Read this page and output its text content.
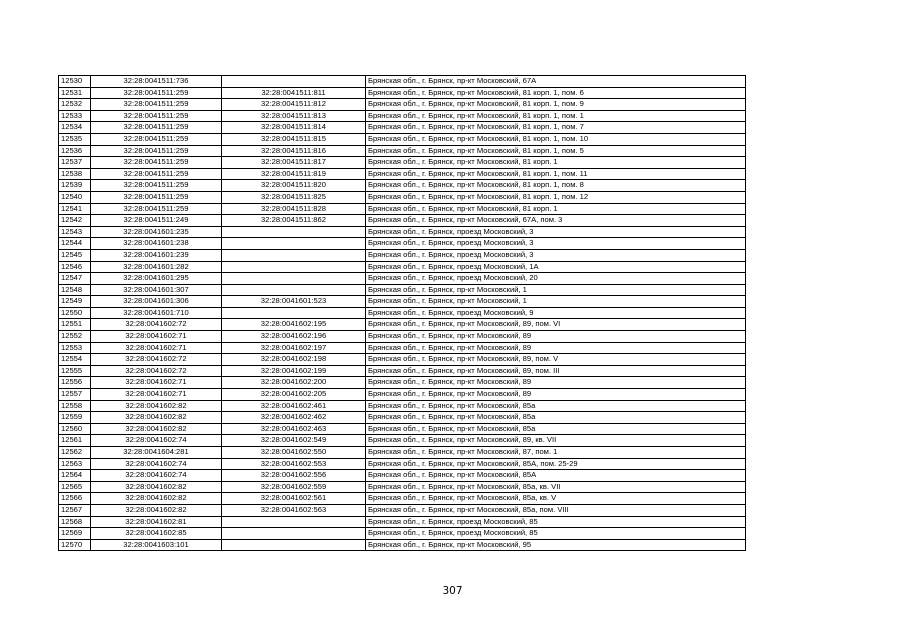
12530	32:28:0041511:736		Брянская обл., г. Брянск, пр-кт Московский, 67А
12531	32:28:0041511:259	32:28:0041511:811	Брянская обл., г. Брянск, пр-кт Московский, 81 корп. 1, пом. 6
12532	32:28:0041511:259	32:28:0041511:812	Брянская обл., г. Брянск, пр-кт Московский, 81 корп. 1, пом. 9
12533	32:28:0041511:259	32:28:0041511:813	Брянская обл., г. Брянск, пр-кт Московский, 81 корп. 1, пом. 1
12534	32:28:0041511:259	32:28:0041511:814	Брянская обл., г. Брянск, пр-кт Московский, 81 корп. 1, пом. 7
12535	32:28:0041511:259	32:28:0041511:815	Брянская обл., г. Брянск, пр-кт Московский, 81 корп. 1, пом. 10
12536	32:28:0041511:259	32:28:0041511:816	Брянская обл., г. Брянск, пр-кт Московский, 81 корп. 1, пом. 5
12537	32:28:0041511:259	32:28:0041511:817	Брянская обл., г. Брянск, пр-кт Московский, 81 корп. 1
12538	32:28:0041511:259	32:28:0041511:819	Брянская обл., г. Брянск, пр-кт Московский, 81 корп. 1, пом. 11
12539	32:28:0041511:259	32:28:0041511:820	Брянская обл., г. Брянск, пр-кт Московский, 81 корп. 1, пом. 8
12540	32:28:0041511:259	32:28:0041511:825	Брянская обл., г. Брянск, пр-кт Московский, 81 корп. 1, пом. 12
12541	32:28:0041511:259	32:28:0041511:828	Брянская обл., г. Брянск, пр-кт Московский, 81 корп. 1
12542	32:28:0041511:249	32:28:0041511:862	Брянская обл., г. Брянск, пр-кт Московский, 67А, пом. 3
12543	32:28:0041601:235		Брянская обл., г. Брянск, проезд Московский, 3
12544	32:28:0041601:238		Брянская обл., г. Брянск, проезд Московский, 3
12545	32:28:0041601:239		Брянская обл., г. Брянск, проезд Московский, 3
12546	32:28:0041601:282		Брянская обл., г. Брянск, проезд Московский, 1А
12547	32:28:0041601:295		Брянская обл., г. Брянск, проезд Московский, 20
12548	32:28:0041601:307		Брянская обл., г. Брянск, пр-кт Московский, 1
12549	32:28:0041601:306	32:28:0041601:523	Брянская обл., г. Брянск, пр-кт Московский, 1
12550	32:28:0041601:710		Брянская обл., г. Брянск, проезд Московский, 9
12551	32:28:0041602:72	32:28:0041602:195	Брянская обл., г. Брянск, пр-кт Московский, 89, пом. VI
12552	32:28:0041602:71	32:28:0041602:196	Брянская обл., г. Брянск, пр-кт Московский, 89
12553	32:28:0041602:71	32:28:0041602:197	Брянская обл., г. Брянск, пр-кт Московский, 89
12554	32:28:0041602:72	32:28:0041602:198	Брянская обл., г. Брянск, пр-кт Московский, 89, пом. V
12555	32:28:0041602:72	32:28:0041602:199	Брянская обл., г. Брянск, пр-кт Московский, 89, пом. III
12556	32:28:0041602:71	32:28:0041602:200	Брянская обл., г. Брянск, пр-кт Московский, 89
12557	32:28:0041602:71	32:28:0041602:205	Брянская обл., г. Брянск, пр-кт Московский, 89
12558	32:28:0041602:82	32:28:0041602:461	Брянская обл., г. Брянск, пр-кт Московский, 85а
12559	32:28:0041602:82	32:28:0041602:462	Брянская обл., г. Брянск, пр-кт Московский, 85а
12560	32:28:0041602:82	32:28:0041602:463	Брянская обл., г. Брянск, пр-кт Московский, 85а
12561	32:28:0041602:74	32:28:0041602:549	Брянская обл., г. Брянск, пр-кт Московский, 89, кв. VII
12562	32:28:0041604:281	32:28:0041602:550	Брянская обл., г. Брянск, пр-кт Московский, 87, пом. 1
12563	32:28:0041602:74	32:28:0041602:553	Брянская обл., г. Брянск, пр-кт Московский, 85А, пом. 25-29
12564	32:28:0041602:74	32:28:0041602:556	Брянская обл., г. Брянск, пр-кт Московский, 85А
12565	32:28:0041602:82	32:28:0041602:559	Брянская обл., г. Брянск, пр-кт Московский, 85а, кв. VII
12566	32:28:0041602:82	32:28:0041602:561	Брянская обл., г. Брянск, пр-кт Московский, 85а, кв. V
12567	32:28:0041602:82	32:28:0041602:563	Брянская обл., г. Брянск, пр-кт Московский, 85а, пом. VIII
12568	32:28:0041602:81		Брянская обл., г. Брянск, проезд Московский, 85
12569	32:28:0041602:85		Брянская обл., г. Брянск, проезд Московский, 85
12570	32:28:0041603:101		Брянская обл., г. Брянск, пр-кт Московский, 95
307
